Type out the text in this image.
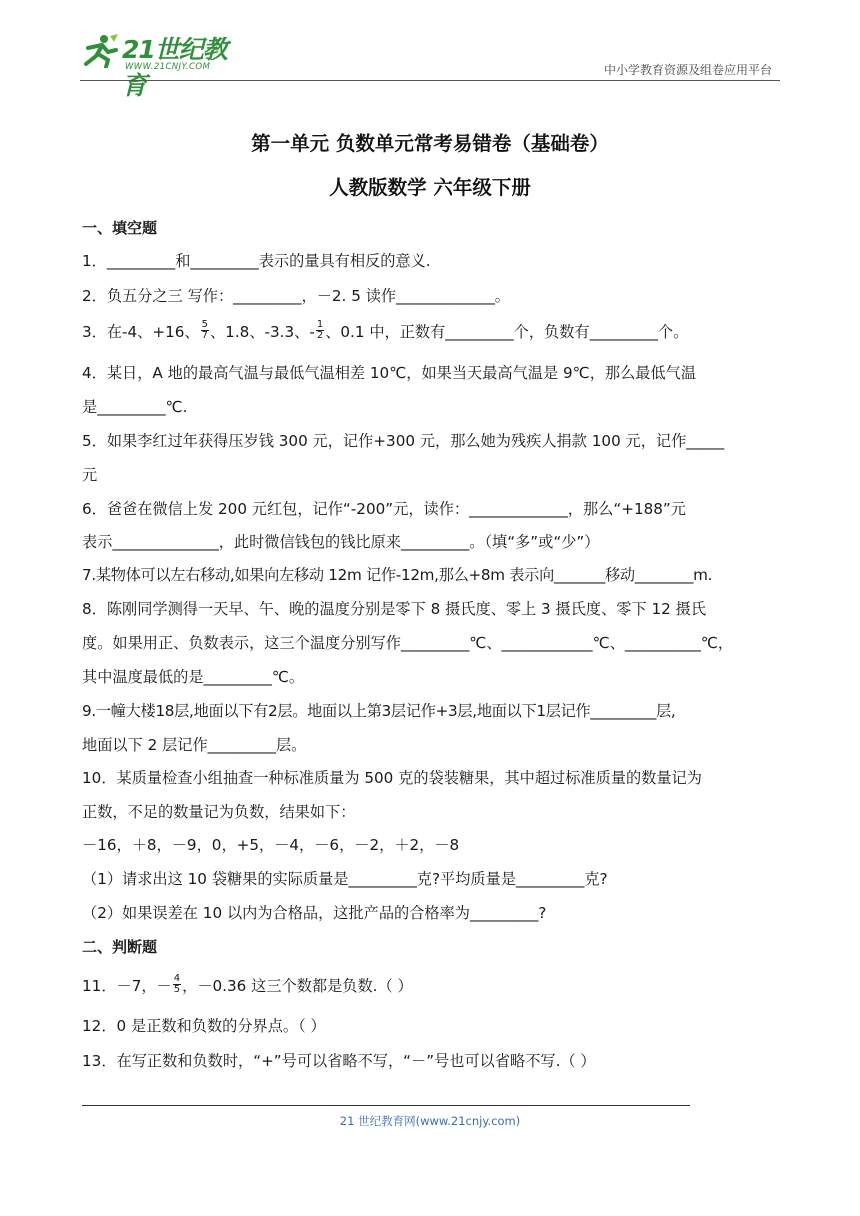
21世纪教育
WWW.21CNJY.COM	中小学教育资源及组卷应用平台
第一单元 负数单元常考易错卷（基础卷）
人教版数学 六年级下册
一、填空题
1．_________和_________表示的量具有相反的意义.
2．负五分之三 写作：_________，－2. 5 读作_____________。
3．在-4、+16、 $\frac{5}{7}$ 、1.8、-3.3、- $\frac{1}{2}$ 、0.1 中，正数有_________个，负数有_________个。
4．某日，A 地的最高气温与最低气温相差 10℃，如果当天最高气温是 9℃，那么最低气温
是_________℃.
5．如果李红过年获得压岁钱 300 元，记作+300 元，那么她为残疾人捐款 100 元，记作_____
元
6．爸爸在微信上发 200 元红包，记作“-200”元，读作：_____________，那么“+188”元
表示______________，此时微信钱包的钱比原来_________。（填“多”或“少”）
7.某物体可以左右移动,如果向左移动 12m 记作-12m,那么+8m 表示向_______移动________m.
8．陈刚同学测得一天早、午、晚的温度分别是零下 8 摄氏度、零上 3 摄氏度、零下 12 摄氏
度。如果用正、负数表示，这三个温度分别写作_________℃、____________℃、__________℃，
其中温度最低的是_________℃。
9.一幢大楼18层,地面以下有2层。地面以上第3层记作+3层,地面以下1层记作_________层,
地面以下 2 层记作_________层。
10．某质量检查小组抽查一种标准质量为 500 克的袋装糖果，其中超过标准质量的数量记为
正数，不足的数量记为负数，结果如下：
－16，＋8，－9，0，+5，－4，－6，－2，＋2，－8
（1）请求出这 10 袋糖果的实际质量是_________克?平均质量是_________克?
（2）如果误差在 10 以内为合格品，这批产品的合格率为_________?
二、判断题
11．－7，－ $\frac{4}{5}$ ，－0.36 这三个数都是负数.（ ）
12．0 是正数和负数的分界点。（ ）
13．在写正数和负数时，“+”号可以省略不写，“－”号也可以省略不写.（ ）
21 世纪教育网(www.21cnjy.com)
